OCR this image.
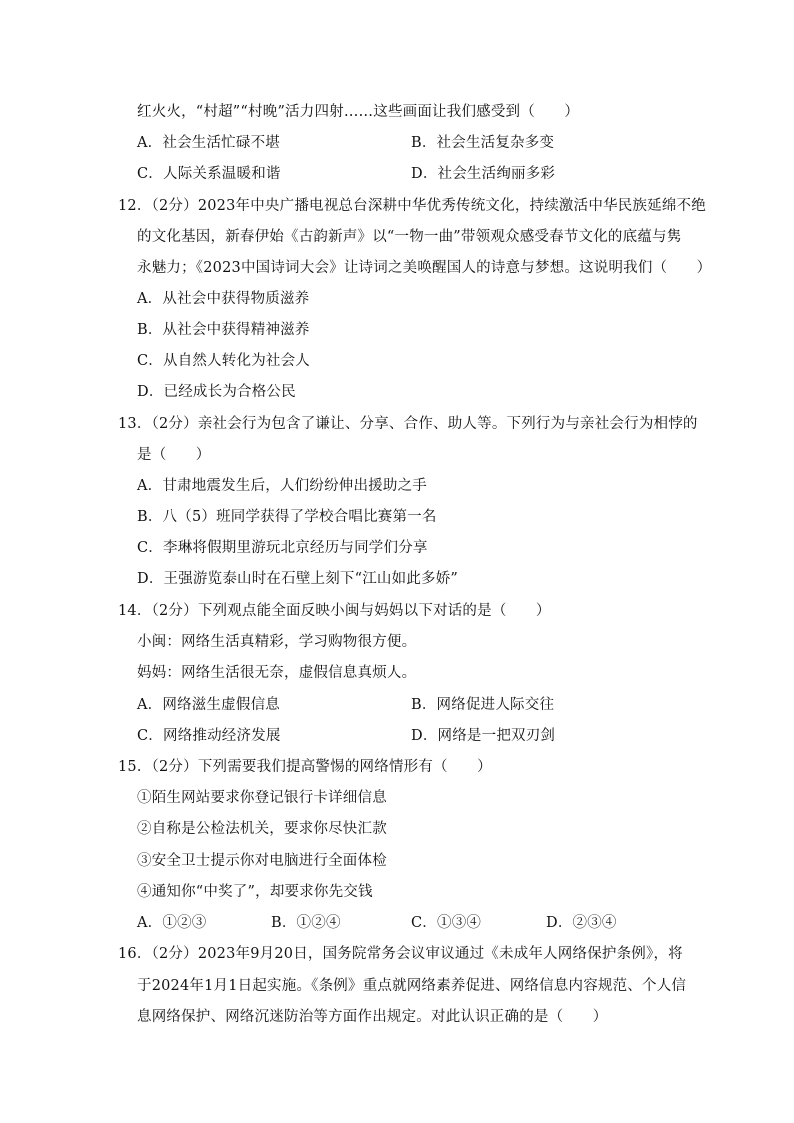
红火火，“村超”“村晚”活力四射……这些画面让我们感受到（　　）
A．社会生活忙碌不堪	B．社会生活复杂多变
C．人际关系温暖和谐	D．社会生活绚丽多彩
12．（2分）2023年中央广播电视总台深耕中华优秀传统文化，持续激活中华民族延绵不绝
的文化基因，新春伊始《古韵新声》以“一物一曲”带领观众感受春节文化的底蕴与隽
永魅力；《2023中国诗词大会》让诗词之美唤醒国人的诗意与梦想。这说明我们（　　）
A．从社会中获得物质滋养
B．从社会中获得精神滋养
C．从自然人转化为社会人
D．已经成长为合格公民
13．（2分）亲社会行为包含了谦让、分享、合作、助人等。下列行为与亲社会行为相悖的
是（　　）
A．甘肃地震发生后，人们纷纷伸出援助之手
B．八（5）班同学获得了学校合唱比赛第一名
C．李琳将假期里游玩北京经历与同学们分享
D．王强游览泰山时在石壁上刻下“江山如此多娇”
14．（2分）下列观点能全面反映小闽与妈妈以下对话的是（　　）
小闽：网络生活真精彩，学习购物很方便。
妈妈：网络生活很无奈，虚假信息真烦人。
A．网络滋生虚假信息	B．网络促进人际交往
C．网络推动经济发展	D．网络是一把双刃剑
15．（2分）下列需要我们提高警惕的网络情形有（　　）
①陌生网站要求你登记银行卡详细信息
②自称是公检法机关，要求你尽快汇款
③安全卫士提示你对电脑进行全面体检
④通知你“中奖了”，却要求你先交钱
A．①②③	B．①②④	C．①③④	D．②③④
16．（2分）2023年9月20日，国务院常务会议审议通过《未成年人网络保护条例》，将
于2024年1月1日起实施。《条例》重点就网络素养促进、网络信息内容规范、个人信
息网络保护、网络沉迷防治等方面作出规定。对此认识正确的是（　　）
